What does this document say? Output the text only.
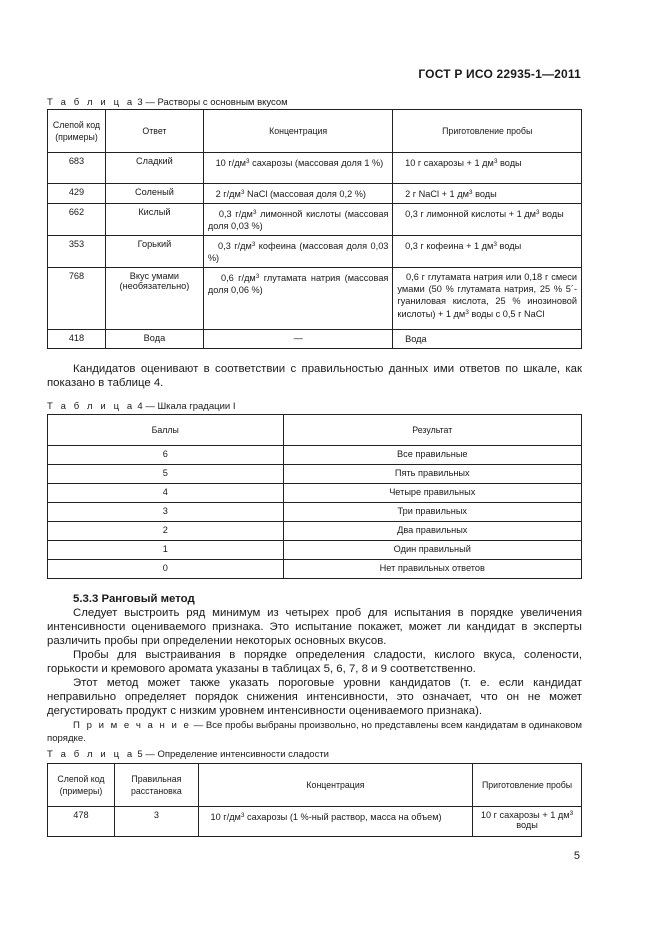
ГОСТ Р ИСО 22935-1—2011
Т а б л и ц а 3 — Растворы с основным вкусом
Слепой код (примеры)	Ответ	Концентрация	Приготовление пробы
683	Сладкий	10 $г/дм^3$ сахарозы (массовая доля 1 %)	10 г сахарозы + 1 $дм^3$ воды
429	Соленый	2 $г/дм^3$ NaCl (массовая доля 0,2 %)	2 г NaCl + 1 $дм^3$ воды
662	Кислый	0,3 $г/дм^3$ лимонной кислоты (массовая доля 0,03 %)	0,3 г лимонной кислоты + 1 $дм^3$ воды
353	Горький	0,3 $г/дм^3$ кофеина (массовая доля 0,03 %)	0,3 г кофеина + 1 $дм^3$ воды
768	Вкус умами (необязательно)	0,6 $г/дм^3$ глутамата натрия (массовая доля 0,06 %)	0,6 г глутамата натрия или 0,18 г смеси умами (50 % глутамата натрия, 25 % 5´-гуаниловая кислота, 25 % инозиновой кислоты) + 1 $дм^3$ воды с 0,5 г NaCl
418	Вода	—	Вода

Кандидатов оценивают в соответствии с правильностью данных ими ответов по шкале, как показано в таблице 4.

Т а б л и ц а 4 — Шкала градации I
Баллы	Результат
6	Все правильные
5	Пять правильных
4	Четыре правильных
3	Три правильных
2	Два правильных
1	Один правильный
0	Нет правильных ответов

5.3.3 Ранговый метод

Следует выстроить ряд минимум из четырех проб для испытания в порядке увеличения интенсивности оцениваемого признака. Это испытание покажет, может ли кандидат в эксперты различить пробы при определении некоторых основных вкусов.

Пробы для выстраивания в порядке определения сладости, кислого вкуса, солености, горькости и кремового аромата указаны в таблицах 5, 6, 7, 8 и 9 соответственно.

Этот метод может также указать пороговые уровни кандидатов (т. е. если кандидат неправильно определяет порядок снижения интенсивности, это означает, что он не может дегустировать продукт с низким уровнем интенсивности оцениваемого признака).

П р и м е ч а н и е — Все пробы выбраны произвольно, но представлены всем кандидатам в одинаковом порядке.

Т а б л и ц а 5 — Определение интенсивности сладости
Слепой код (примеры)	Правильная расстановка	Концентрация	Приготовление пробы
478	3	10 $г/дм^3$ сахарозы (1 %-ный раствор, масса на объем)	10 г сахарозы + 1 $дм^3$ воды
5
